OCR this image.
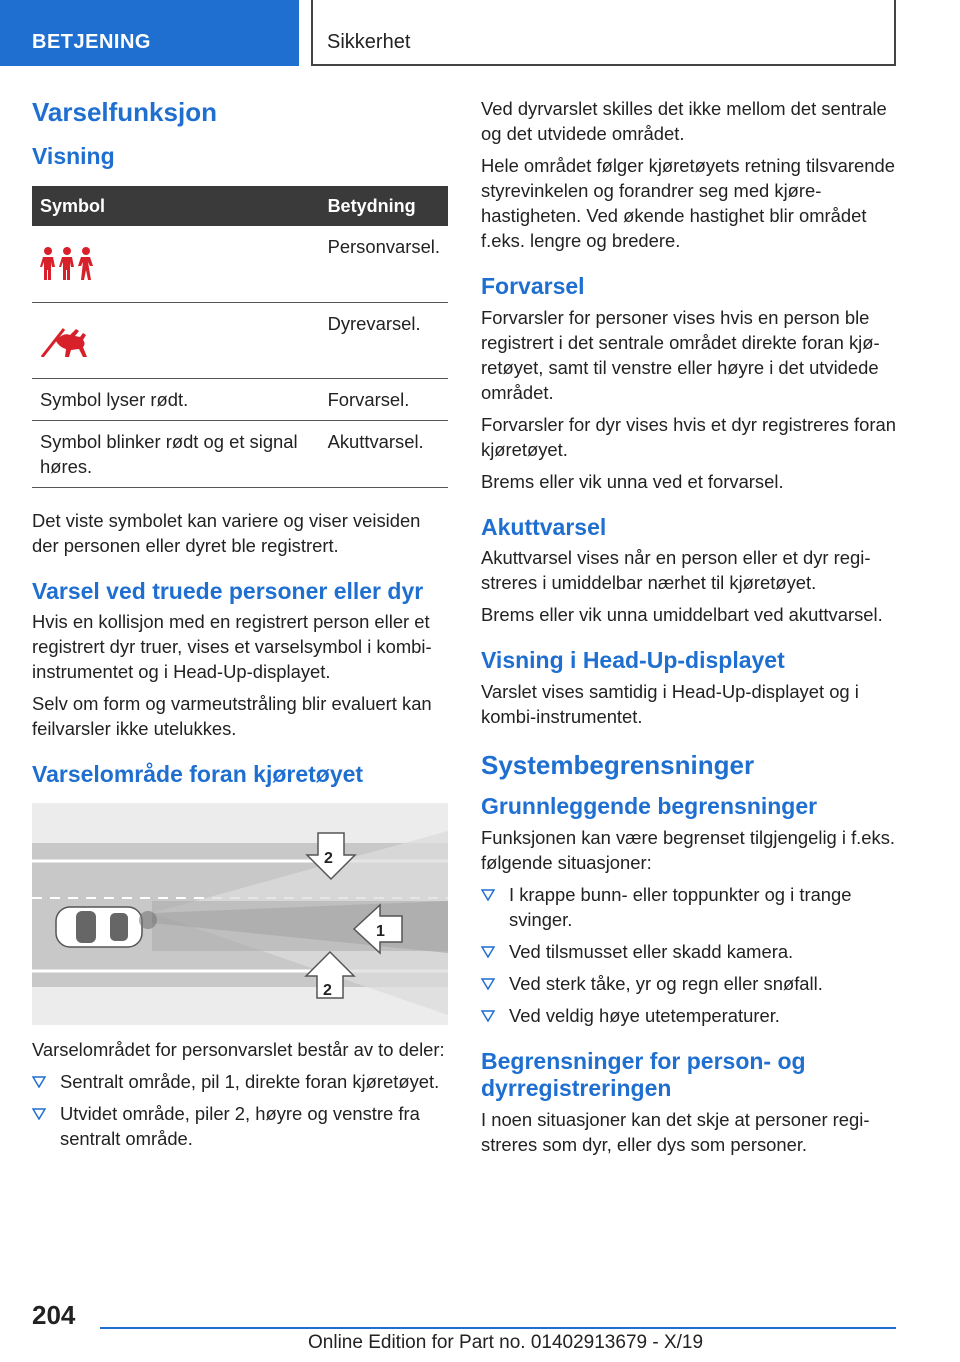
BETJENING	Sikkerhet
Varselfunksjon
Visning
Symbol	Betydning

	Personvarsel.

	Dyrevarsel.
Symbol lyser rødt.	Forvarsel.
Symbol blinker rødt og et signal høres.	Akuttvarsel.

Det viste symbolet kan variere og viser veisiden der personen eller dyret ble registrert.

Varsel ved truede personer eller dyr

Hvis en kollisjon med en registrert person eller et registrert dyr truer, vises et varselsymbol i kombiinstrumentet og i Head-Up-displayet.

Selv om form og varmeutstråling blir evaluert kan feilvarsler ikke utelukkes.

Varselområde foran kjøretøyet
1
2
2

Varselområdet for personvarslet består av to deler:

Sentralt område, pil 1, direkte foran kjøretøyet.
Utvidet område, piler 2, høyre og venstre fra sentralt område.

Ved dyrvarslet skilles det ikke mellom det sentrale og det utvidede området.

Hele området følger kjøretøyets retning tilsvarende styrevinkelen og forandrer seg med kjørehastigheten. Ved økende hastighet blir området f.eks. lengre og bredere.

Forvarsel

Forvarsler for personer vises hvis en person ble registrert i det sentrale området direkte foran kjøretøyet, samt til venstre eller høyre i det utvidede området.

Forvarsler for dyr vises hvis et dyr registreres foran kjøretøyet.

Brems eller vik unna ved et forvarsel.

Akuttvarsel

Akuttvarsel vises når en person eller et dyr registreres i umiddelbar nærhet til kjøretøyet.

Brems eller vik unna umiddelbart ved akuttvarsel.

Visning i Head-Up-displayet

Varslet vises samtidig i Head-Up-displayet og i kombi-instrumentet.

Systembegrensninger
Grunnleggende begrensninger

Funksjonen kan være begrenset tilgjengelig i f.eks. følgende situasjoner:

I krappe bunn- eller toppunkter og i trange svinger.
Ved tilsmusset eller skadd kamera.
Ved sterk tåke, yr og regn eller snøfall.
Ved veldig høye utetemperaturer.
Begrensninger for person- og dyrregistreringen

I noen situasjoner kan det skje at personer registreres som dyr, eller dys som personer.

204
Online Edition for Part no. 01402913679 - X/19
